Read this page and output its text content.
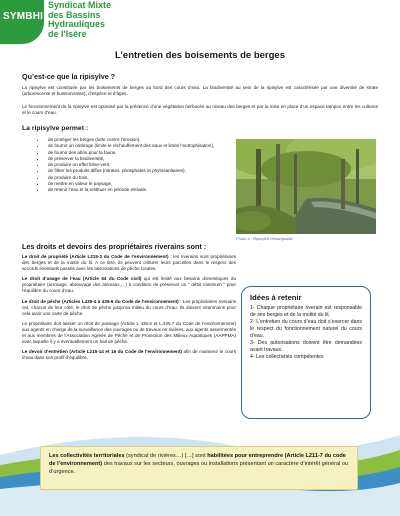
SYMBHI
Syndicat Mixte
des Bassins
Hydrauliques
de l'Isère
L’entretien des boisements de berges
Qu’est-ce que la ripisylve ?

La ripisylve est constituée par les boisements de berges au bord des cours d’eau. La biodiversité au sein de la ripisylve est caractérisée par une diversité de strate (arborescente et buissonnante), d’espèce et d’âges.

Le fonctionnement de la ripisylve est optimisé par la présence d’une végétation herbacée au niveau des berges et par la mise en place d’un espace tampon entre les cultures et le cours d’eau.

La ripisylve permet :
• de protéger les berges (lutte contre l’érosion),
• de fournir un ombrage (limite le réchauffement des eaux et limite l’eutrophisation),
• de fournir des abris pour la faune,
• de préserver la biodiversité,
• de produire un effet brise-vent,
• de filtrer les produits diffus (nitrates, phosphates et phytosanitaires),
• de produire du bois,
• de mettre en valeur le paysage,
• de retenir l’eau et la restituer en période estivale.
Photo 1 : Ripisylve remarquable
Les droits et devoirs des propriétaires riverains sont :

Le droit de propriété (Article L215-2 du Code de l’environnement) : les riverains sont propriétaires des berges et de la moitié du lit. A ce titre, ils peuvent clôturer leurs parcelles dans le respect des accords éventuels passés avec les associations de pêche locales.

Le droit d’usage de l’eau (Article 64 du Code civil) qui est limité aux besoins domestiques du propriétaire (arrosage, abreuvage des animaux,…) à condition de préserver un " débit minimum " pour l’équilibre du cours d’eau.

Le droit de pêche (Articles L435-4 à 435-6 du Code de l’environnement) : Les propriétaires riverains ont, chacun de leur côté, le droit de pêche jusqu’au milieu du cours d’eau. Ils doivent néanmoins pour cela avoir une carte de pêche.

Le propriétaire doit laisser un droit de passage (Article L 435.6 et L.435.7 du Code de l’environnement) aux agents en charge de la surveillance des ouvrages ou de travaux en rivières, aux agents assermentés et aux membres de l’Association Agréée de Pêche et de Protection des Milieux Aquatiques (AAPPMA) avec laquelle il y a éventuellement un bail de pêche.

Le devoir d’entretien (Article L215-14 et 16 du Code de l’environnement) afin de maintenir le cours d’eau dans son profil d’équilibre.

Idées à retenir

1- Chaque propriétaire riverain est responsable de ses berges et de la moitié du lit.

2- L’entretien du cours d’eau doit s’exercer dans le respect du fonctionnement naturel du cours d’eau.

3- Des autorisations doivent être demandées avant travaux.

4- Les collectivités compétentes

Les collectivités territoriales (syndicat de rivières…) […] sont habilitées pour entreprendre (Article L211-7 du code de l’environnement) des travaux sur les secteurs, ouvrages ou installations présentant un caractère d’intérêt général ou d’urgence.
